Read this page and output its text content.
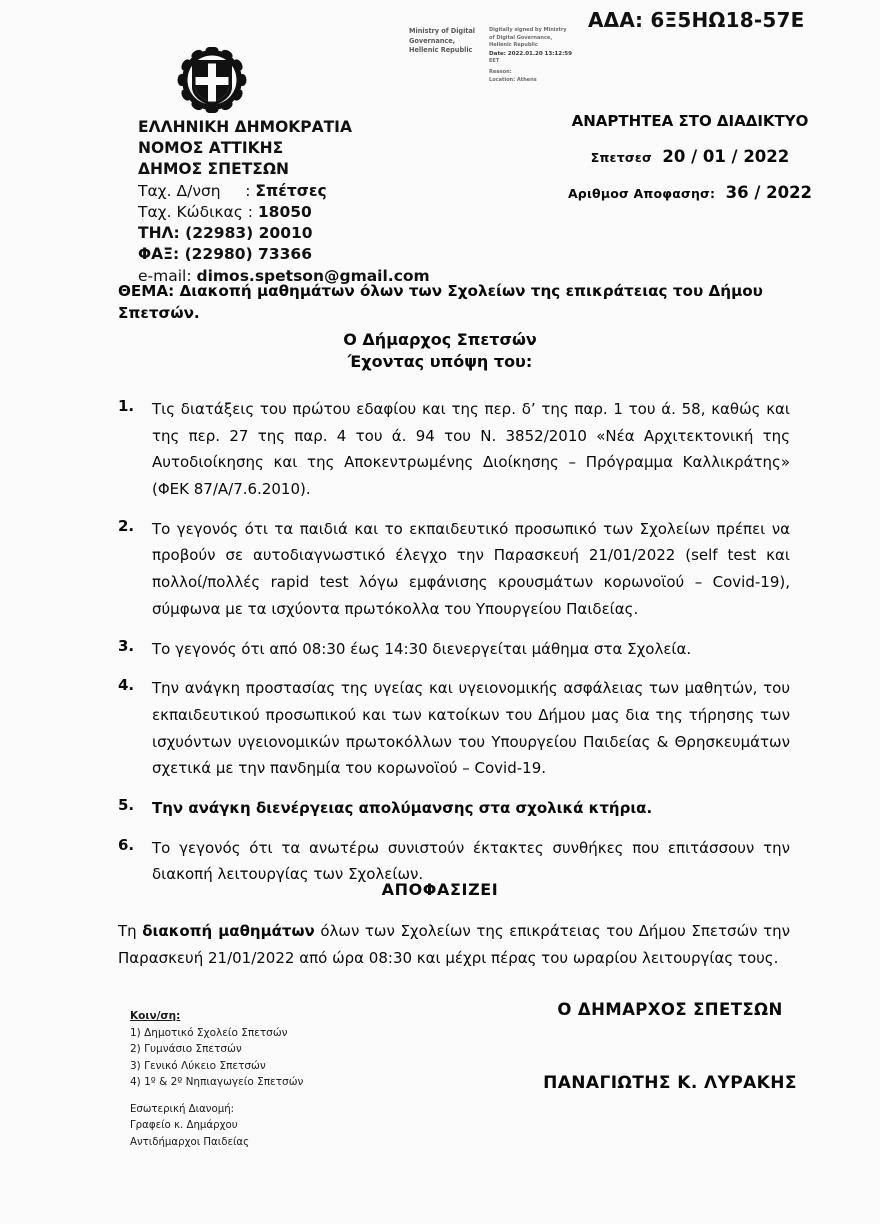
ΑΔΑ: 6Ξ5ΗΩ18-57Ε
Ministry of Digital
Governance,
Hellenic Republic
Digitally signed by Ministry
of Digital Governance,
Hellenic Republic
Date: 2022.01.20 13:12:59
EET
Reason:
Location: Athens
ΕΛΛΗΝΙΚΗ ΔΗΜΟΚΡΑΤΙΑ
ΝΟΜΟΣ ΑΤΤΙΚΗΣ
ΔΗΜΟΣ ΣΠΕΤΣΩΝ
Ταχ. Δ/νση     : Σπέτσες
Ταχ. Κώδικας : 18050
ΤΗΛ: (22983) 20010
ΦΑΞ: (22980) 73366
e-mail: dimos.spetson@gmail.com
ΑΝΑΡΤΗΤΕΑ ΣΤΟ ΔΙΑΔΙΚΤΥΟ
Σπετσεσ 20 / 01 / 2022
Αριθμοσ Αποφασησ: 36 / 2022
ΘΕΜΑ: Διακοπή μαθημάτων όλων των Σχολείων της επικράτειας του Δήμου Σπετσών.
Ο Δήμαρχος Σπετσών
Έχοντας υπόψη του:
1.	Τις διατάξεις του πρώτου εδαφίου και της περ. δ’ της παρ. 1 του ά. 58, καθώς και της περ. 27 της παρ. 4 του ά. 94 του Ν. 3852/2010 «Νέα Αρχιτεκτονική της Αυτοδιοίκησης και της Αποκεντρωμένης Διοίκησης – Πρόγραμμα Καλλικράτης» (ΦΕΚ 87/Α/7.6.2010).
2.	Το γεγονός ότι τα παιδιά και το εκπαιδευτικό προσωπικό των Σχολείων πρέπει να προβούν σε αυτοδιαγνωστικό έλεγχο την Παρασκευή 21/01/2022 (self test και πολλοί/πολλές rapid test λόγω εμφάνισης κρουσμάτων κορωνοϊού – Covid-19), σύμφωνα με τα ισχύοντα πρωτόκολλα του Υπουργείου Παιδείας.
3.	Το γεγονός ότι από 08:30 έως 14:30 διενεργείται μάθημα στα Σχολεία.
4.	Την ανάγκη προστασίας της υγείας και υγειονομικής ασφάλειας των μαθητών, του εκπαιδευτικού προσωπικού και των κατοίκων του Δήμου μας δια της τήρησης των ισχυόντων υγειονομικών πρωτοκόλλων του Υπουργείου Παιδείας & Θρησκευμάτων σχετικά με την πανδημία του κορωνοϊού – Covid-19.
5.	Την ανάγκη διενέργειας απολύμανσης στα σχολικά κτήρια.
6.	Το γεγονός ότι τα ανωτέρω συνιστούν έκτακτες συνθήκες που επιτάσσουν την διακοπή λειτουργίας των Σχολείων.
ΑΠΟΦΑΣΙΖΕΙ
Τη διακοπή μαθημάτων όλων των Σχολείων της επικράτειας του Δήμου Σπετσών την Παρασκευή 21/01/2022 από ώρα 08:30 και μέχρι πέρας του ωραρίου λειτουργίας τους.
Κοιν/ση:
1) Δημοτικό Σχολείο Σπετσών
2) Γυμνάσιο Σπετσών
3) Γενικό Λύκειο Σπετσών
4) 1º & 2º Νηπιαγωγείο Σπετσών
Εσωτερική Διανομή:
Γραφείο κ. Δημάρχου
Αντιδήμαρχοι Παιδείας
Ο ΔΗΜΑΡΧΟΣ ΣΠΕΤΣΩΝ
ΠΑΝΑΓΙΩΤΗΣ Κ. ΛΥΡΑΚΗΣ
